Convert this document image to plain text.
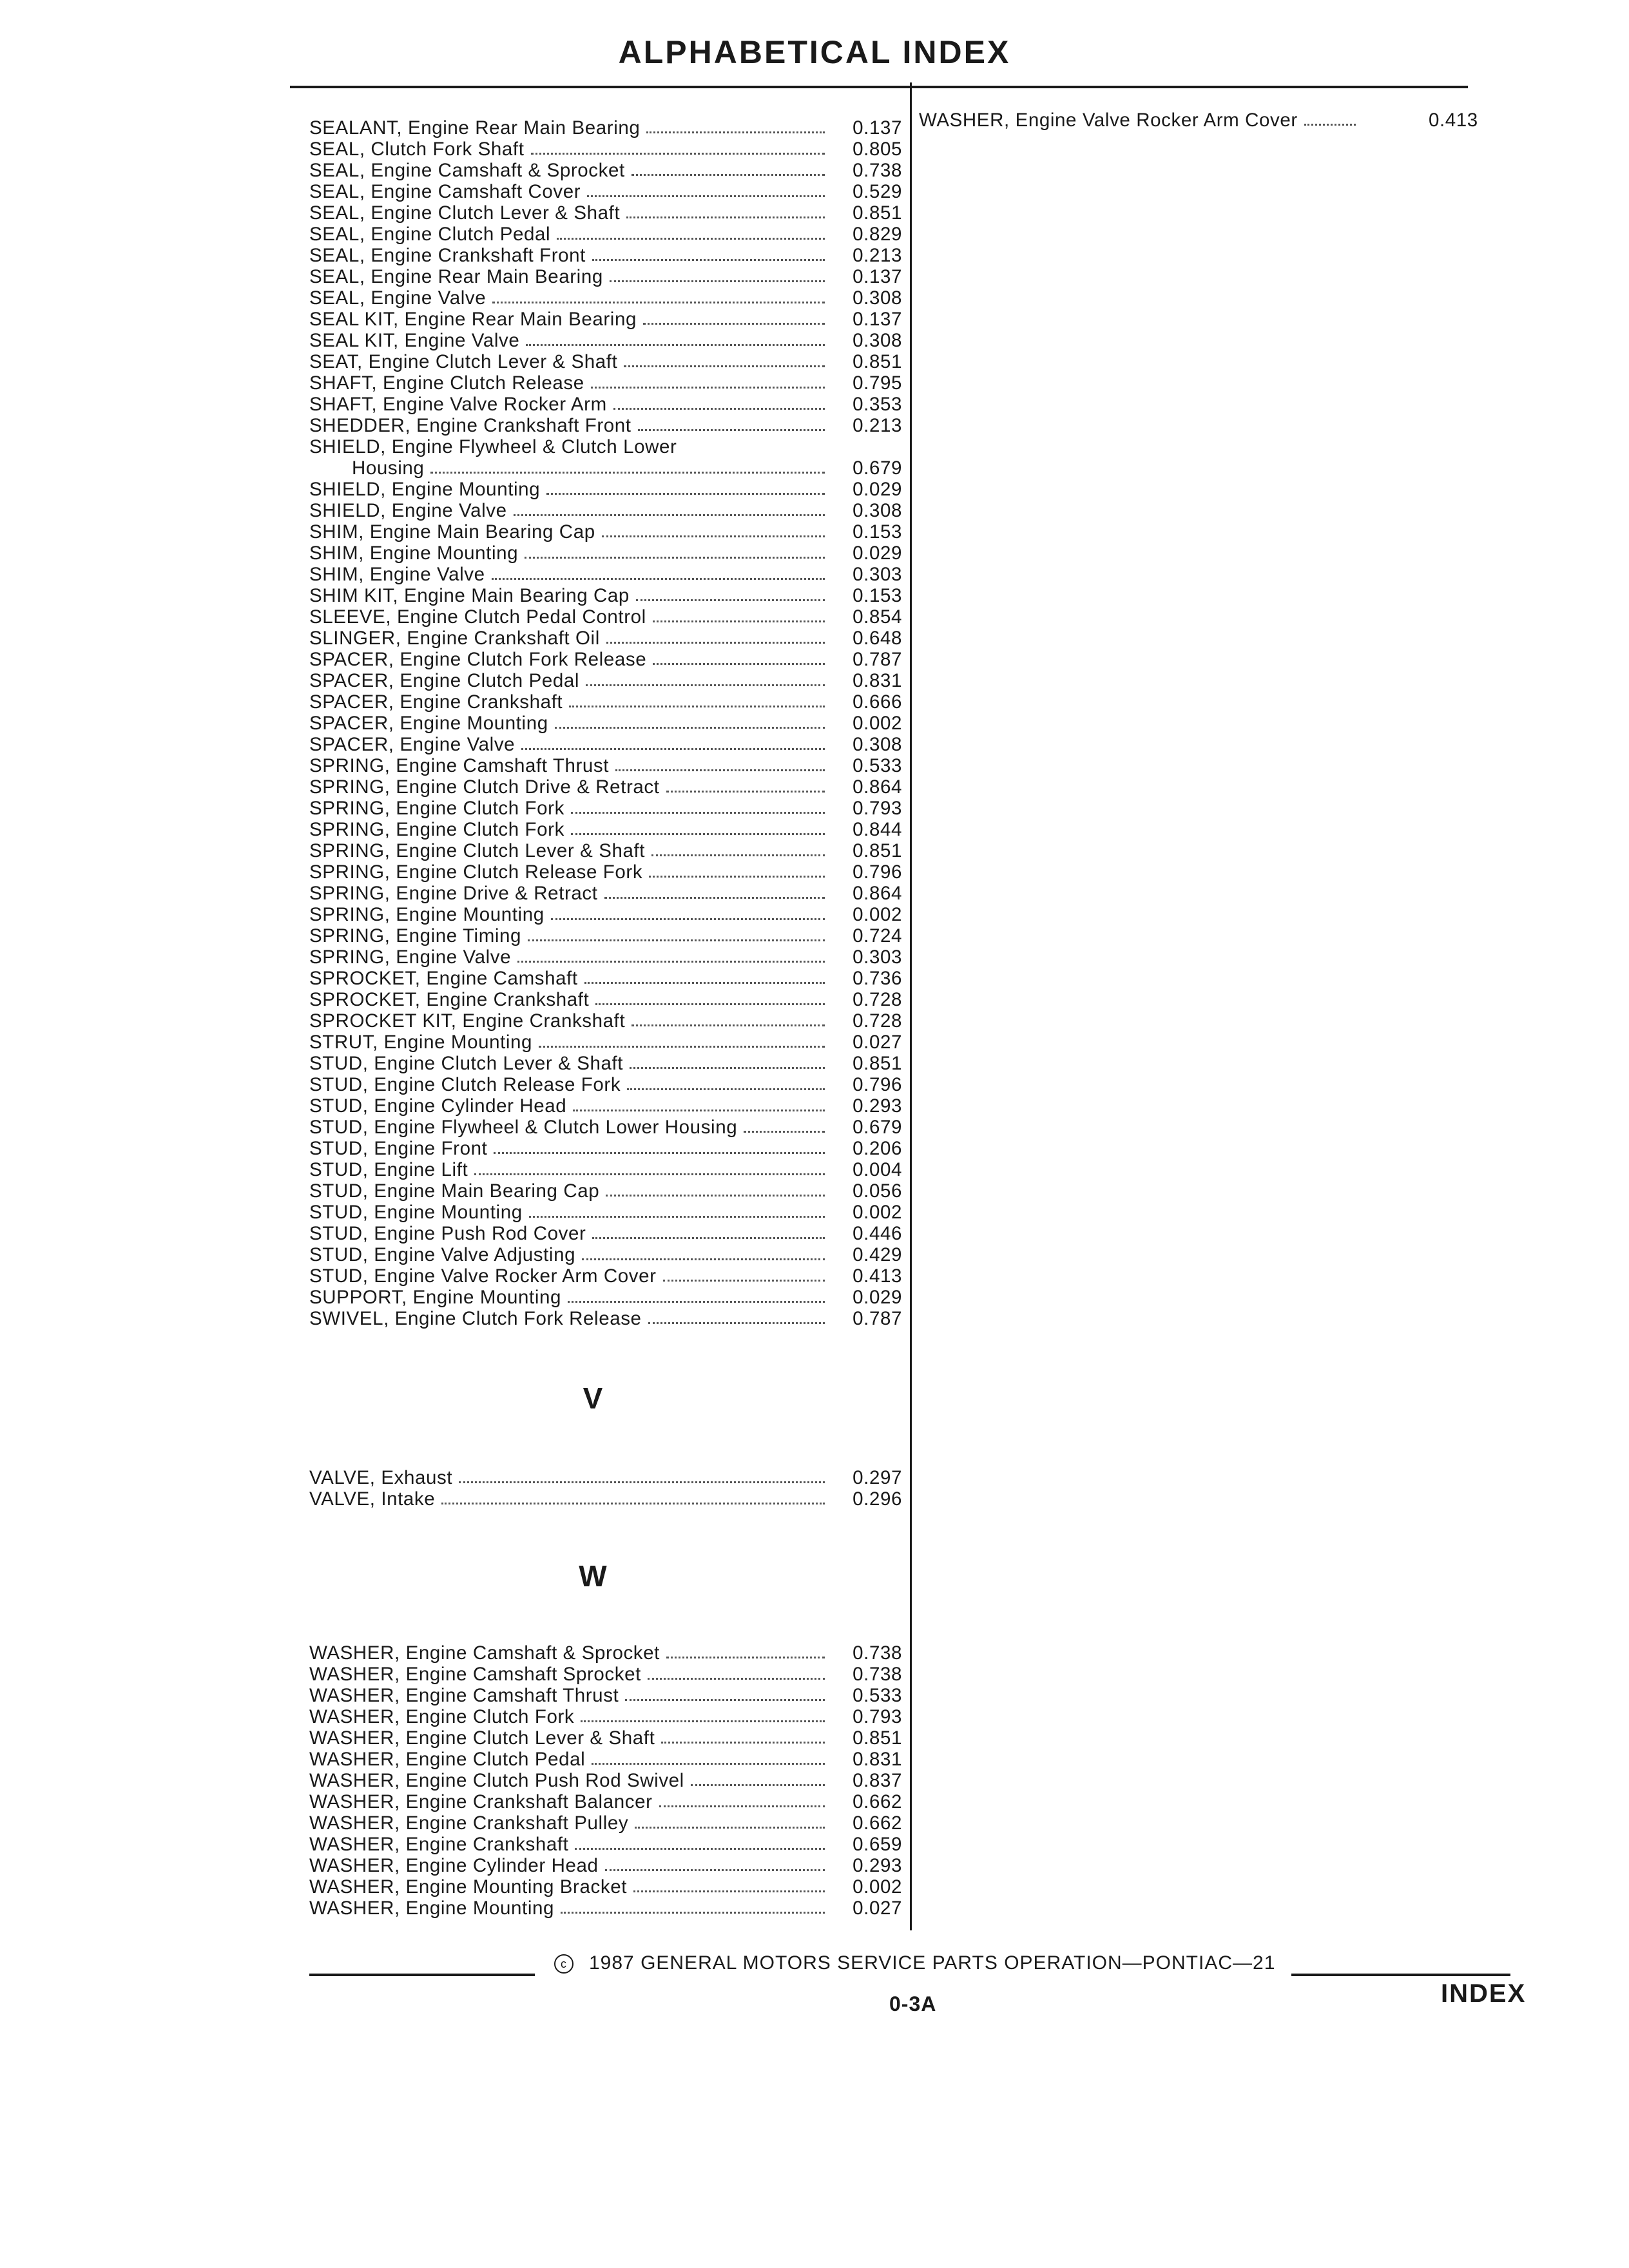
ALPHABETICAL INDEX
SEALANT, Engine Rear Main Bearing	0.137
SEAL, Clutch Fork Shaft	0.805
SEAL, Engine Camshaft & Sprocket	0.738
SEAL, Engine Camshaft Cover	0.529
SEAL, Engine Clutch Lever & Shaft	0.851
SEAL, Engine Clutch Pedal	0.829
SEAL, Engine Crankshaft Front	0.213
SEAL, Engine Rear Main Bearing	0.137
SEAL, Engine Valve	0.308
SEAL KIT, Engine Rear Main Bearing	0.137
SEAL KIT, Engine Valve	0.308
SEAT, Engine Clutch Lever & Shaft	0.851
SHAFT, Engine Clutch Release	0.795
SHAFT, Engine Valve Rocker Arm	0.353
SHEDDER, Engine Crankshaft Front	0.213
SHIELD, Engine Flywheel & Clutch Lower
Housing	0.679
SHIELD, Engine Mounting	0.029
SHIELD, Engine Valve	0.308
SHIM, Engine Main Bearing Cap	0.153
SHIM, Engine Mounting	0.029
SHIM, Engine Valve	0.303
SHIM KIT, Engine Main Bearing Cap	0.153
SLEEVE, Engine Clutch Pedal Control	0.854
SLINGER, Engine Crankshaft Oil	0.648
SPACER, Engine Clutch Fork Release	0.787
SPACER, Engine Clutch Pedal	0.831
SPACER, Engine Crankshaft	0.666
SPACER, Engine Mounting	0.002
SPACER, Engine Valve	0.308
SPRING, Engine Camshaft Thrust	0.533
SPRING, Engine Clutch Drive & Retract	0.864
SPRING, Engine Clutch Fork	0.793
SPRING, Engine Clutch Fork	0.844
SPRING, Engine Clutch Lever & Shaft	0.851
SPRING, Engine Clutch Release Fork	0.796
SPRING, Engine Drive & Retract	0.864
SPRING, Engine Mounting	0.002
SPRING, Engine Timing	0.724
SPRING, Engine Valve	0.303
SPROCKET, Engine Camshaft	0.736
SPROCKET, Engine Crankshaft	0.728
SPROCKET KIT, Engine Crankshaft	0.728
STRUT, Engine Mounting	0.027
STUD, Engine Clutch Lever & Shaft	0.851
STUD, Engine Clutch Release Fork	0.796
STUD, Engine Cylinder Head	0.293
STUD, Engine Flywheel & Clutch Lower Housing	0.679
STUD, Engine Front	0.206
STUD, Engine Lift	0.004
STUD, Engine Main Bearing Cap	0.056
STUD, Engine Mounting	0.002
STUD, Engine Push Rod Cover	0.446
STUD, Engine Valve Adjusting	0.429
STUD, Engine Valve Rocker Arm Cover	0.413
SUPPORT, Engine Mounting	0.029
SWIVEL, Engine Clutch Fork Release	0.787
V
VALVE, Exhaust	0.297
VALVE, Intake	0.296
W
WASHER, Engine Camshaft & Sprocket	0.738
WASHER, Engine Camshaft Sprocket	0.738
WASHER, Engine Camshaft Thrust	0.533
WASHER, Engine Clutch Fork	0.793
WASHER, Engine Clutch Lever & Shaft	0.851
WASHER, Engine Clutch Pedal	0.831
WASHER, Engine Clutch Push Rod Swivel	0.837
WASHER, Engine Crankshaft Balancer	0.662
WASHER, Engine Crankshaft Pulley	0.662
WASHER, Engine Crankshaft	0.659
WASHER, Engine Cylinder Head	0.293
WASHER, Engine Mounting Bracket	0.002
WASHER, Engine Mounting	0.027
WASHER, Engine Valve Rocker Arm Cover	0.413
c 1987 GENERAL MOTORS SERVICE PARTS OPERATION—PONTIAC—21
0-3A	INDEX
